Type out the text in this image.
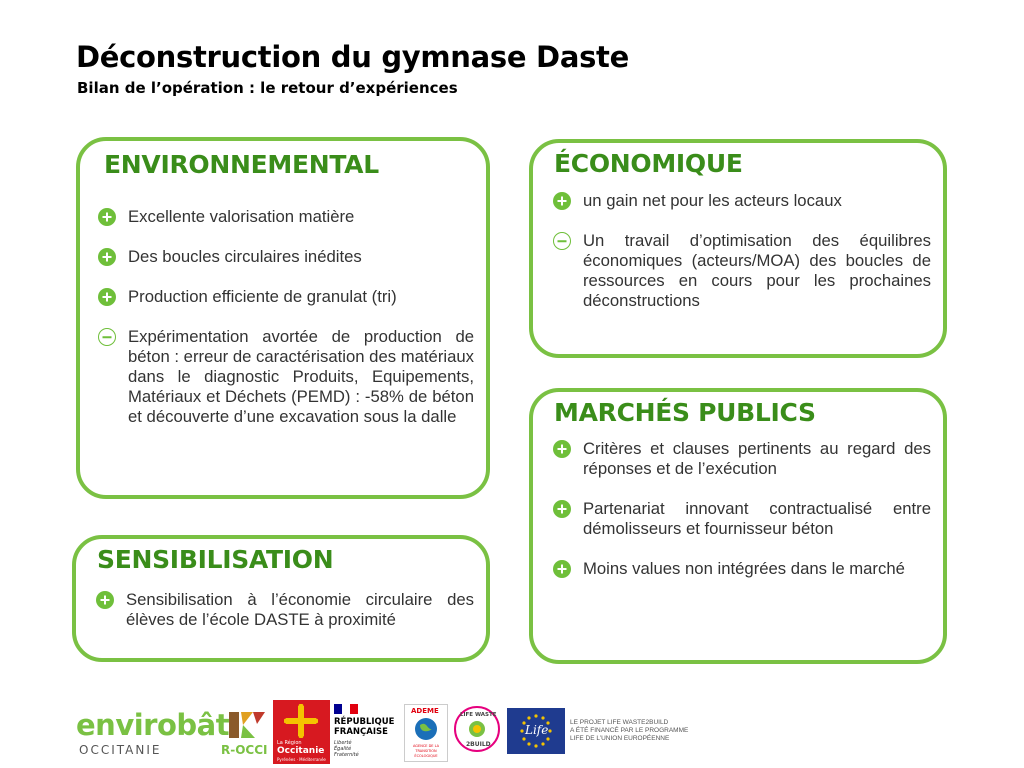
Déconstruction du gymnase Daste

Bilan de l’opération : le retour d’expériences

ENVIRONNEMENTAL
Excellente valorisation matière
Des boucles circulaires inédites
Production efficiente de granulat (tri)
Expérimentation avortée de production de béton : erreur de caractérisation des matériaux dans le diagnostic Produits, Equipements, Matériaux et Déchets (PEMD) : -58% de béton et découverte d’une excavation sous la dalle
SENSIBILISATION
Sensibilisation à l’économie circulaire des élèves de l’école DASTE à proximité
ÉCONOMIQUE
un gain net pour les acteurs locaux
Un travail d’optimisation des équilibres économiques (acteurs/MOA) des boucles de ressources en cours pour les prochaines déconstructions
MARCHÉS PUBLICS
Critères et clauses pertinents au regard des réponses et de l’exécution
Partenariat innovant contractualisé entre démolisseurs et fournisseur béton
Moins values non intégrées dans le marché
envirobât
OCCITANIE	R-OCCI La Région
Occitanie
Pyrénées · Méditerranée
RÉPUBLIQUE
FRANÇAISE
Liberté
Égalité
Fraternité
ADEME
AGENCE DE LA TRANSITION ÉCOLOGIQUE
LIFE WASTE
2BUILD
Life
LE PROJET LIFE WASTE2BUILD
A ÉTÉ FINANCÉ PAR LE PROGRAMME
LIFE DE L’UNION EUROPÉENNE
